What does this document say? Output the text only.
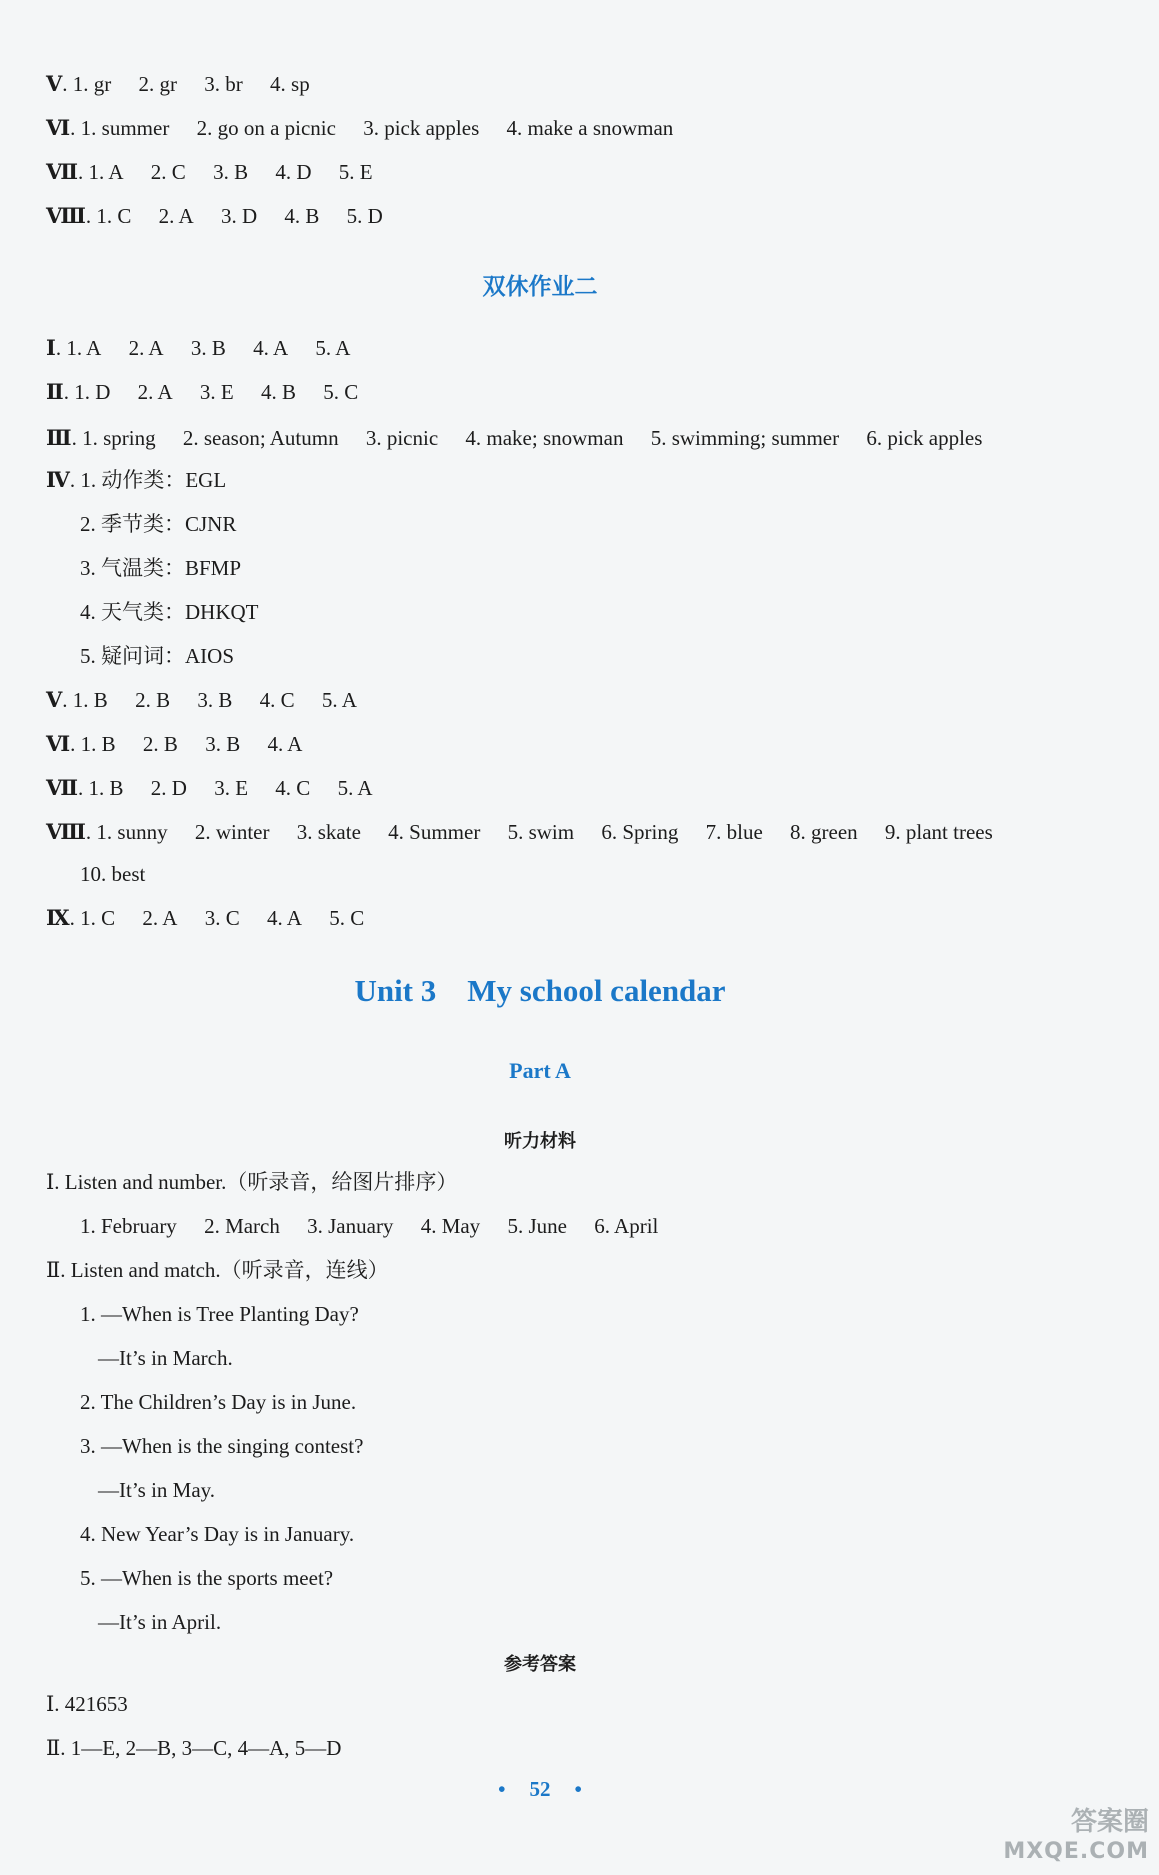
Ⅴ. 1. gr 2. gr 3. br 4. sp
Ⅵ. 1. summer 2. go on a picnic 3. pick apples 4. make a snowman
Ⅶ. 1. A 2. C 3. B 4. D 5. E
Ⅷ. 1. C 2. A 3. D 4. B 5. D
双休作业二
Ⅰ. 1. A 2. A 3. B 4. A 5. A
Ⅱ. 1. D 2. A 3. E 4. B 5. C
Ⅲ. 1. spring 2. season; Autumn 3. picnic 4. make; snowman 5. swimming; summer 6. pick apples
Ⅳ. 1. 动作类：EGL
2. 季节类：CJNR
3. 气温类：BFMP
4. 天气类：DHKQT
5. 疑问词：AIOS
Ⅴ. 1. B 2. B 3. B 4. C 5. A
Ⅵ. 1. B 2. B 3. B 4. A
Ⅶ. 1. B 2. D 3. E 4. C 5. A
Ⅷ. 1. sunny 2. winter 3. skate 4. Summer 5. swim 6. Spring 7. blue 8. green 9. plant trees
10. best
Ⅸ. 1. C 2. A 3. C 4. A 5. C
Unit 3　My school calendar
Part A
听力材料
Ⅰ. Listen and number.（听录音，给图片排序）
1. February 2. March 3. January 4. May 5. June 6. April
Ⅱ. Listen and match.（听录音，连线）
1. —When is Tree Planting Day?
—It’s in March.
2. The Children’s Day is in June.
3. —When is the singing contest?
—It’s in May.
4. New Year’s Day is in January.
5. —When is the sports meet?
—It’s in April.
参考答案
Ⅰ. 421653
Ⅱ. 1—E, 2—B, 3—C, 4—A, 5—D
• 52 •
答案圈
MXQE.COM
